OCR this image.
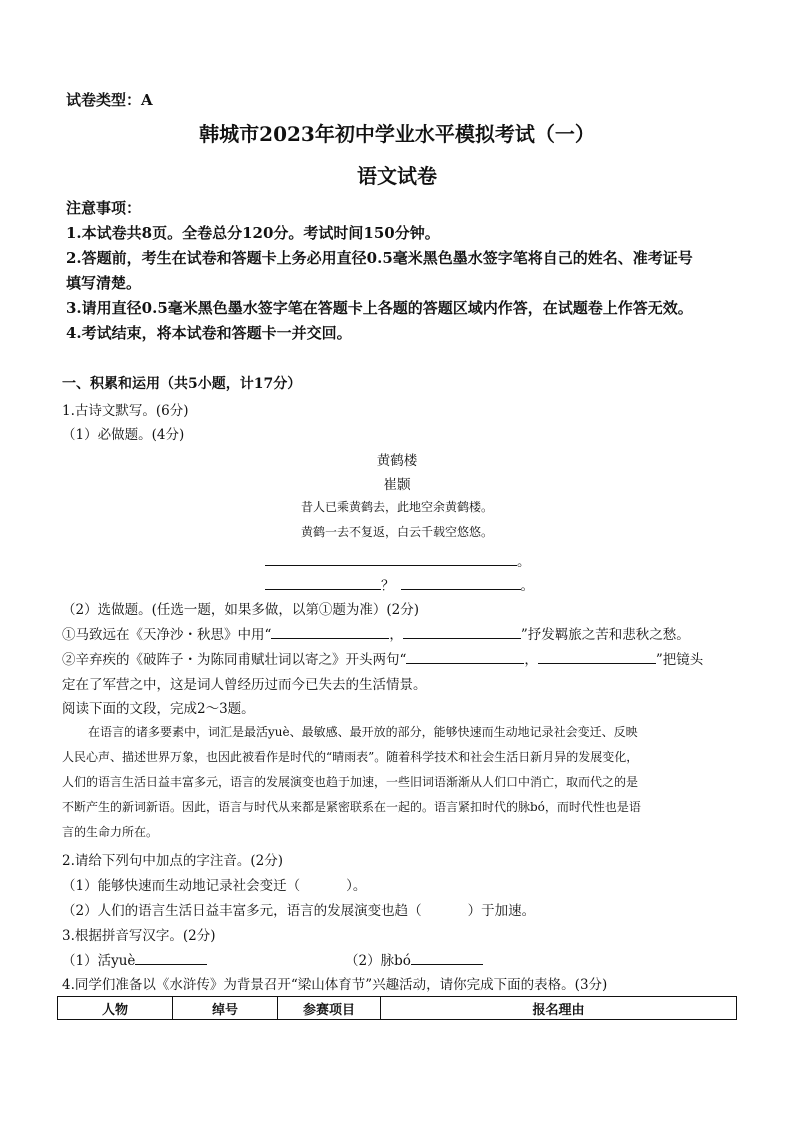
试卷类型：A
韩城市2023年初中学业水平模拟考试（一）
语文试卷
注意事项：
1.本试卷共8页。全卷总分120分。考试时间150分钟。
2.答题前，考生在试卷和答题卡上务必用直径0.5毫米黑色墨水签字笔将自己的姓名、准考证号
填写清楚。
3.请用直径0.5毫米黑色墨水签字笔在答题卡上各题的答题区域内作答，在试题卷上作答无效。
4.考试结束，将本试卷和答题卡一并交回。
一、积累和运用（共5小题，计17分）
1.古诗文默写。(6分)
（1）必做题。(4分)
黄鹤楼
崔颢
昔人已乘黄鹤去，此地空余黄鹤楼。
黄鹤一去不复返，白云千载空悠悠。
。
？	。
（2）选做题。(任选一题，如果多做，以第①题为准）(2分)
①马致远在《天净沙・秋思》中用“	，	”抒发羁旅之苦和悲秋之愁。
②辛弃疾的《破阵子・为陈同甫赋壮词以寄之》开头两句“	，	”把镜头
定在了军营之中，这是词人曾经历过而今已失去的生活情景。
阅读下面的文段，完成2～3题。
在语言的诸多要素中，词汇是最活yuè、最敏感、最开放的部分，能够快速而生动地记录社会变迁、反映
人民心声、描述世界万象，也因此被看作是时代的“晴雨表”。随着科学技术和社会生活日新月异的发展变化，
人们的语言生活日益丰富多元，语言的发展演变也趋于加速，一些旧词语渐渐从人们口中消亡，取而代之的是
不断产生的新词新语。因此，语言与时代从来都是紧密联系在一起的。语言紧扣时代的脉bó，而时代性也是语
言的生命力所在。
2.请给下列句中加点的字注音。(2分)
（1）能够快速而生动地记录社会变迁（	）。
（2）人们的语言生活日益丰富多元，语言的发展演变也趋（	）于加速。
3.根据拼音写汉字。(2分)
（1）活yuè	（2）脉bó
4.同学们准备以《水浒传》为背景召开“梁山体育节”兴趣活动，请你完成下面的表格。(3分)
人物	绰号	参赛项目	报名理由
